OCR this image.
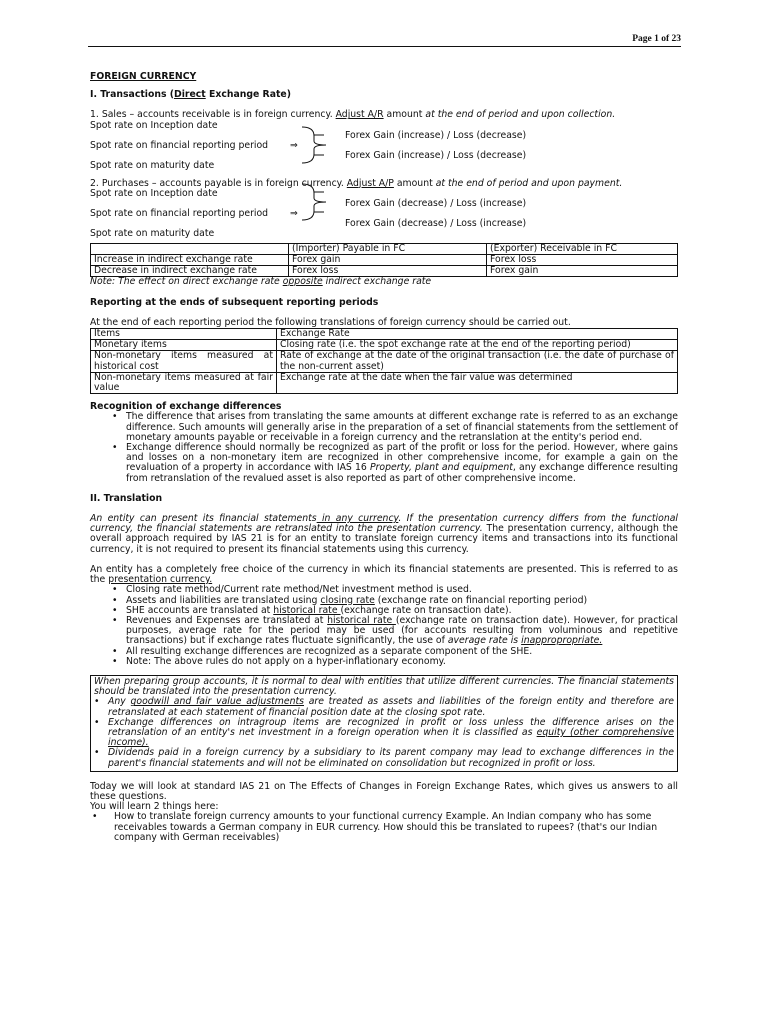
Page 1 of 23

FOREIGN CURRENCY

I. Transactions (Direct Exchange Rate)

1. Sales – accounts receivable is in foreign currency. Adjust A/R amount at the end of period and upon collection.

Spot rate on Inception date
Spot rate on financial reporting period ⇒
Spot rate on maturity date
Forex Gain (increase) / Loss (decrease)
Forex Gain (increase) / Loss (decrease)

2. Purchases – accounts payable is in foreign currency. Adjust A/P amount at the end of period and upon payment.

Spot rate on Inception date
Spot rate on financial reporting period ⇒
Spot rate on maturity date
Forex Gain (decrease) / Loss (increase)
Forex Gain (decrease) / Loss (increase)
	(Importer) Payable in FC	(Exporter) Receivable in FC
Increase in indirect exchange rate	Forex gain	Forex loss
Decrease in indirect exchange rate	Forex loss	Forex gain

Note: The effect on direct exchange rate opposite indirect exchange rate

Reporting at the ends of subsequent reporting periods

At the end of each reporting period the following translations of foreign currency should be carried out.

Items	Exchange Rate
Monetary items	Closing rate (i.e. the spot exchange rate at the end of the reporting period)
Non-monetary items measured at historical cost	Rate of exchange at the date of the original transaction (i.e. the date of purchase of the non-current asset)
Non-monetary items measured at fair value	Exchange rate at the date when the fair value was determined

Recognition of exchange differences

• The difference that arises from translating the same amounts at different exchange rate is referred to as an exchange difference. Such amounts will generally arise in the preparation of a set of financial statements from the settlement of monetary amounts payable or receivable in a foreign currency and the retranslation at the entity's period end.
• Exchange difference should normally be recognized as part of the profit or loss for the period. However, where gains and losses on a non-monetary item are recognized in other comprehensive income, for example a gain on the revaluation of a property in accordance with IAS 16 Property, plant and equipment, any exchange difference resulting from retranslation of the revalued asset is also reported as part of other comprehensive income.

II. Translation

An entity can present its financial statements in any currency. If the presentation currency differs from the functional currency, the financial statements are retranslated into the presentation currency. The presentation currency, although the overall approach required by IAS 21 is for an entity to translate foreign currency items and transactions into its functional currency, it is not required to present its financial statements using this currency.

An entity has a completely free choice of the currency in which its financial statements are presented. This is referred to as the presentation currency.

• Closing rate method/Current rate method/Net investment method is used.
• Assets and liabilities are translated using closing rate (exchange rate on financial reporting period)
• SHE accounts are translated at historical rate (exchange rate on transaction date).
• Revenues and Expenses are translated at historical rate (exchange rate on transaction date). However, for practical purposes, average rate for the period may be used (for accounts resulting from voluminous and repetitive transactions) but if exchange rates fluctuate significantly, the use of average rate is inappropropriate.
• All resulting exchange differences are recognized as a separate component of the SHE.
• Note: The above rules do not apply on a hyper-inflationary economy.

When preparing group accounts, it is normal to deal with entities that utilize different currencies. The financial statements should be translated into the presentation currency.

• Any goodwill and fair value adjustments are treated as assets and liabilities of the foreign entity and therefore are retranslated at each statement of financial position date at the closing spot rate.
• Exchange differences on intragroup items are recognized in profit or loss unless the difference arises on the retranslation of an entity's net investment in a foreign operation when it is classified as equity (other comprehensive income).
• Dividends paid in a foreign currency by a subsidiary to its parent company may lead to exchange differences in the parent's financial statements and will not be eliminated on consolidation but recognized in profit or loss.

Today we will look at standard IAS 21 on The Effects of Changes in Foreign Exchange Rates, which gives us answers to all these questions.

You will learn 2 things here:

• How to translate foreign currency amounts to your functional currency Example. An Indian company who has some receivables towards a German company in EUR currency. How should this be translated to rupees? (that's our Indian company with German receivables)
